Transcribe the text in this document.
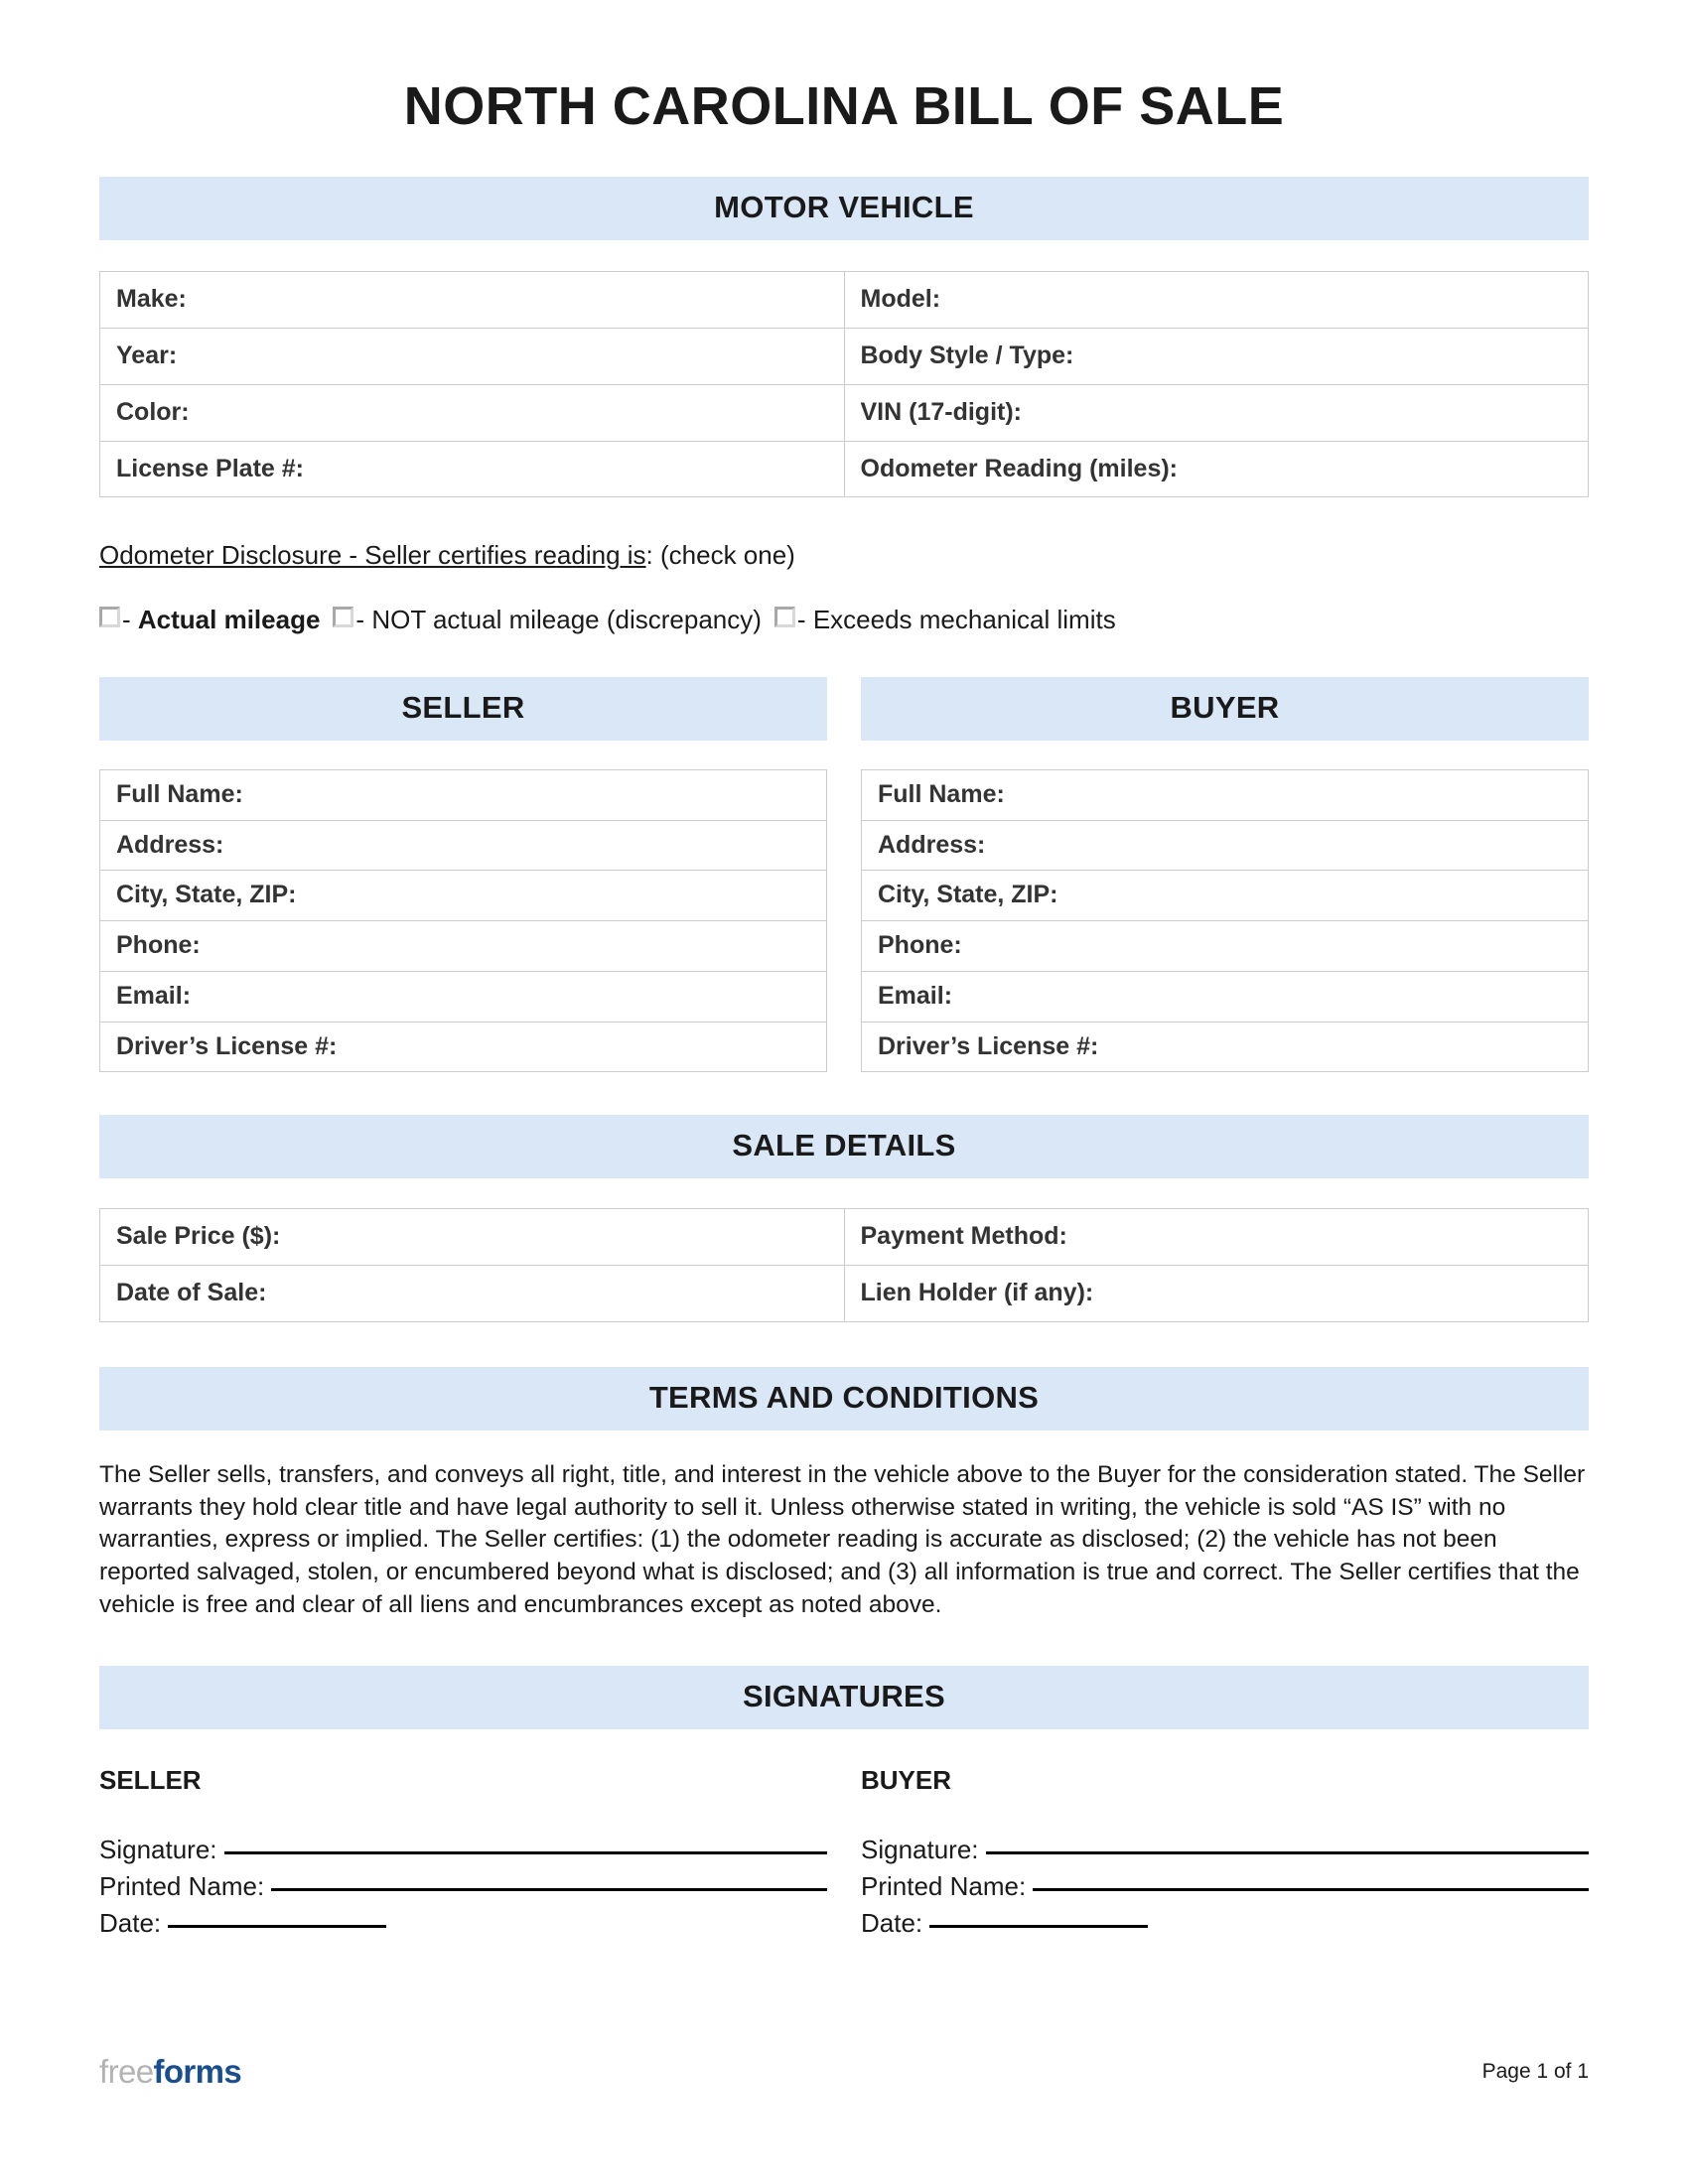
NORTH CAROLINA BILL OF SALE
MOTOR VEHICLE
Make:	Model:
Year:	Body Style / Type:
Color:	VIN (17-digit):
License Plate #:	Odometer Reading (miles):
Odometer Disclosure - Seller certifies reading is: (check one)
- Actual mileage - NOT actual mileage (discrepancy) - Exceeds mechanical limits
SELLER
Full Name:
Address:
City, State, ZIP:
Phone:
Email:
Driver’s License #:
BUYER
Full Name:
Address:
City, State, ZIP:
Phone:
Email:
Driver’s License #:
SALE DETAILS
Sale Price ($):	Payment Method:
Date of Sale:	Lien Holder (if any):
TERMS AND CONDITIONS
The Seller sells, transfers, and conveys all right, title, and interest in the vehicle above to the Buyer for the consideration stated. The Seller warrants they hold clear title and have legal authority to sell it. Unless otherwise stated in writing, the vehicle is sold “AS IS” with no warranties, express or implied. The Seller certifies: (1) the odometer reading is accurate as disclosed; (2) the vehicle has not been reported salvaged, stolen, or encumbered beyond what is disclosed; and (3) all information is true and correct. The Seller certifies that the vehicle is free and clear of all liens and encumbrances except as noted above.
SIGNATURES
SELLER
Signature:
Printed Name:
Date:
BUYER
Signature:
Printed Name:
Date:
freeforms	Page 1 of 1
